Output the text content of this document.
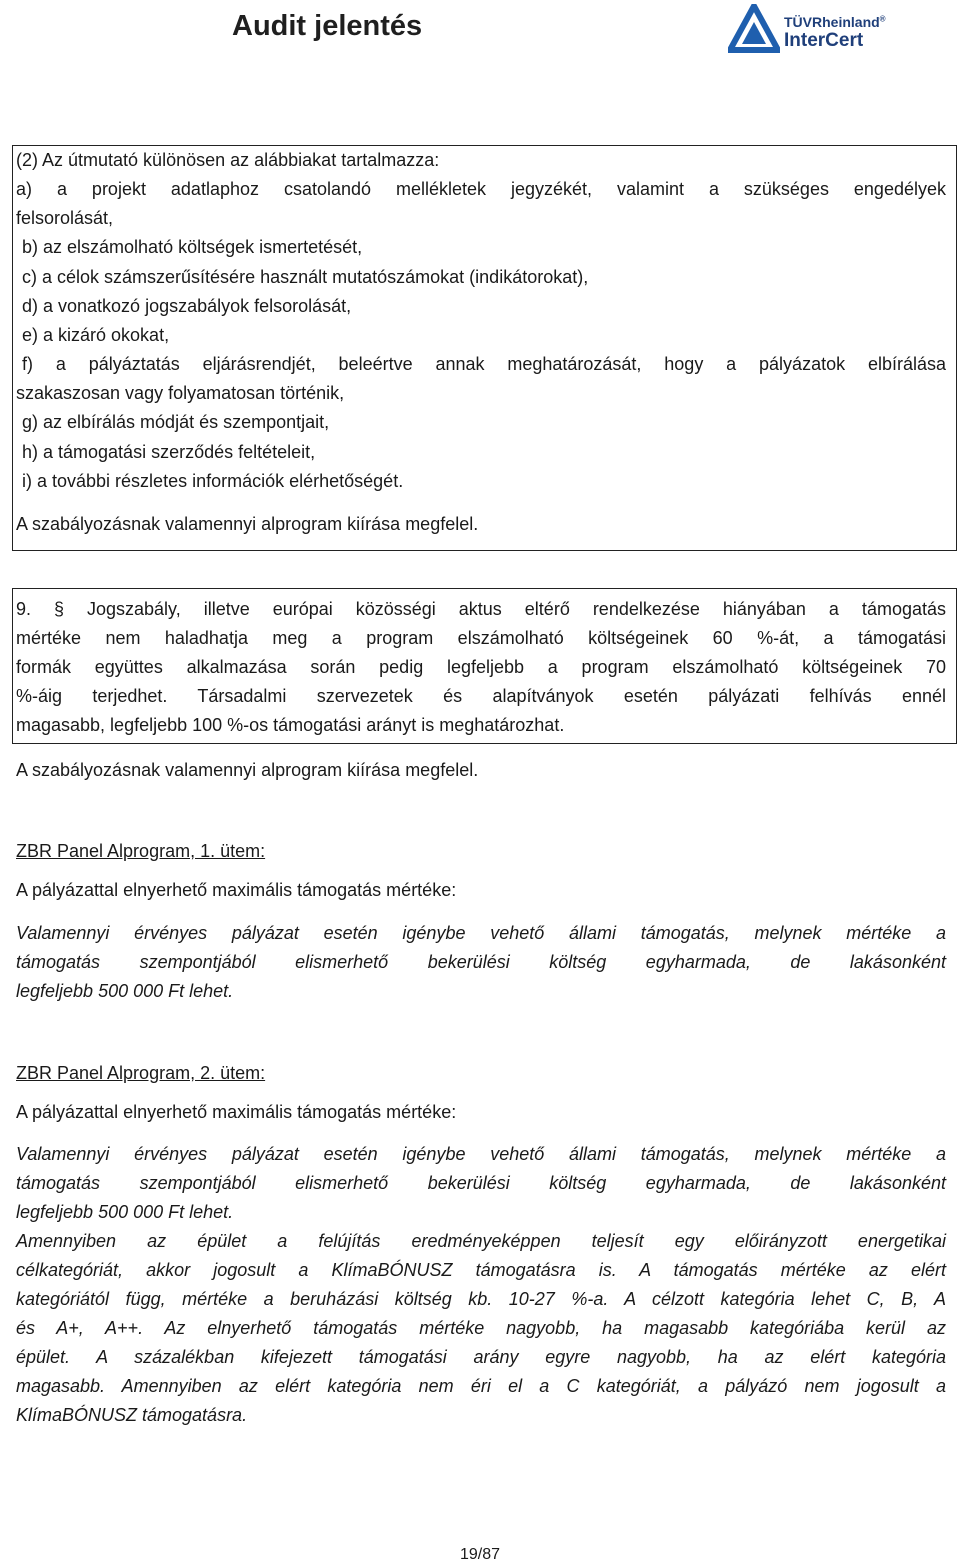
Audit jelentés	TÜVRheinland®
InterCert
(2) Az útmutató különösen az alábbiakat tartalmazza:
a) a projekt adatlaphoz csatolandó mellékletek jegyzékét, valamint a szükséges engedélyek
felsorolását,
b) az elszámolható költségek ismertetését,
c) a célok számszerűsítésére használt mutatószámokat (indikátorokat),
d) a vonatkozó jogszabályok felsorolását,
e) a kizáró okokat,
f) a pályáztatás eljárásrendjét, beleértve annak meghatározását, hogy a pályázatok elbírálása
szakaszosan vagy folyamatosan történik,
g) az elbírálás módját és szempontjait,
h) a támogatási szerződés feltételeit,
i) a további részletes információk elérhetőségét.
A szabályozásnak valamennyi alprogram kiírása megfelel.
9. § Jogszabály, illetve európai közösségi aktus eltérő rendelkezése hiányában a támogatás
mértéke nem haladhatja meg a program elszámolható költségeinek 60 %-át, a támogatási
formák együttes alkalmazása során pedig legfeljebb a program elszámolható költségeinek 70
%-áig terjedhet. Társadalmi szervezetek és alapítványok esetén pályázati felhívás ennél
magasabb, legfeljebb 100 %-os támogatási arányt is meghatározhat.
A szabályozásnak valamennyi alprogram kiírása megfelel.
ZBR Panel Alprogram, 1. ütem:
A pályázattal elnyerhető maximális támogatás mértéke:
Valamennyi érvényes pályázat esetén igénybe vehető állami támogatás, melynek mértéke a
támogatás szempontjából elismerhető bekerülési költség egyharmada, de lakásonként
legfeljebb 500 000 Ft lehet.
ZBR Panel Alprogram, 2. ütem:
A pályázattal elnyerhető maximális támogatás mértéke:
Valamennyi érvényes pályázat esetén igénybe vehető állami támogatás, melynek mértéke a
támogatás szempontjából elismerhető bekerülési költség egyharmada, de lakásonként
legfeljebb 500 000 Ft lehet.
Amennyiben az épület a felújítás eredményeképpen teljesít egy előirányzott energetikai
célkategóriát, akkor jogosult a KlímaBÓNUSZ támogatásra is. A támogatás mértéke az elért
kategóriától függ, mértéke a beruházási költség kb. 10-27 %-a. A célzott kategória lehet C, B, A
és A+, A++. Az elnyerhető támogatás mértéke nagyobb, ha magasabb kategóriába kerül az
épület. A százalékban kifejezett támogatási arány egyre nagyobb, ha az elért kategória
magasabb. Amennyiben az elért kategória nem éri el a C kategóriát, a pályázó nem jogosult a
KlímaBÓNUSZ támogatásra.
19/87
